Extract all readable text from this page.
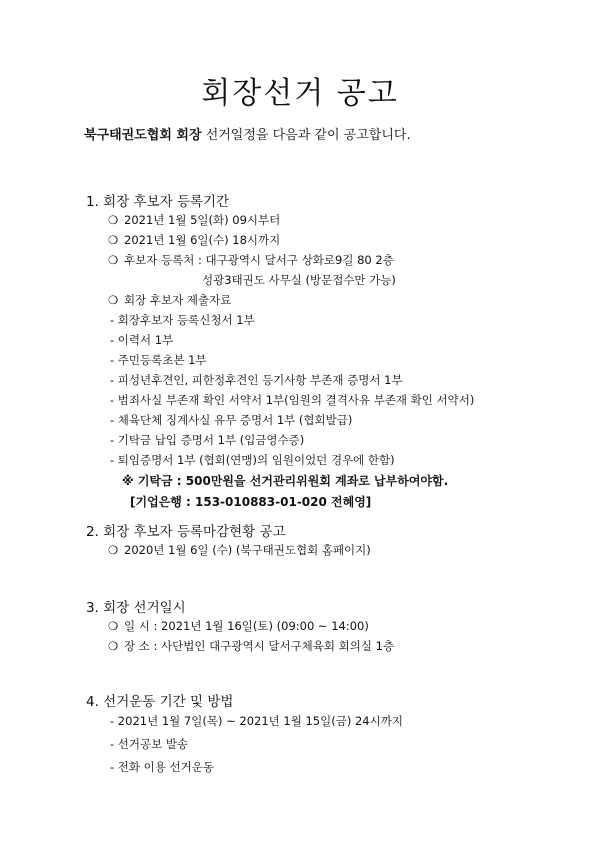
회장선거 공고
북구태권도협회 회장 선거일정을 다음과 같이 공고합니다.
1. 회장 후보자 등록기간
❍ 2021년 1월 5일(화) 09시부터
❍ 2021년 1월 6일(수) 18시까지
❍ 후보자 등록처 : 대구광역시 달서구 상화로9길 80 2층
성광3태권도 사무실 (방문접수만 가능)
❍ 회장 후보자 제출자료
- 회장후보자 등록신청서 1부
- 이력서 1부
- 주민등록초본 1부
- 피성년후견인, 피한정후견인 등기사항 부존재 증명서 1부
- 범죄사실 부존재 확인 서약서 1부(임원의 결격사유 부존재 확인 서약서)
- 체육단체 징계사실 유무 증명서 1부 (협회발급)
- 기탁금 납입 증명서 1부 (입금영수증)
- 퇴임증명서 1부 (협회(연맹)의 임원이었던 경우에 한함)
※ 기탁금 : 500만원을 선거관리위원회 계좌로 납부하여야함.
[기업은행 : 153-010883-01-020 전혜영]
2. 회장 후보자 등록마감현황 공고
❍ 2020년 1월 6일 (수) (북구태권도협회 홈페이지)
3. 회장 선거일시
❍ 일 시 : 2021년 1월 16일(토) (09:00 ~ 14:00)
❍ 장 소 : 사단법인 대구광역시 달서구체육회 회의실 1층
4. 선거운동 기간 및 방법
- 2021년 1월 7일(목) ~ 2021년 1월 15일(금) 24시까지
- 선거공보 발송
- 전화 이용 선거운동
